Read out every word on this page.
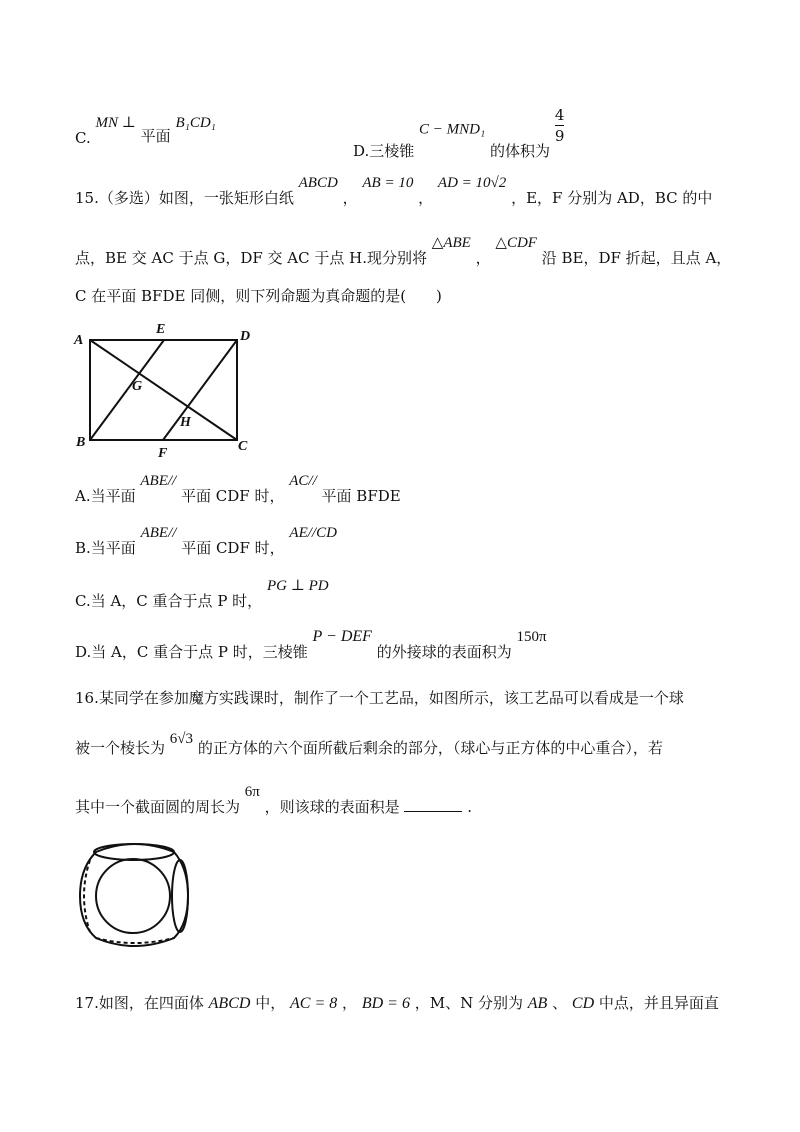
C. MN ⊥ 平面 B₁CD₁
D.三棱锥 C − MND₁ 的体积为
$\frac{4}{9}$
15.（多选）如图，一张矩形白纸 ABCD ， AB = 10 ， AD = 10√2 ，E，F 分别为 AD，BC 的中
点，BE 交 AC 于点 G，DF 交 AC 于点 H.现分别将 △ABE ， △CDF 沿 BE，DF 折起，且点 A，
C 在平面 BFDE 同侧，则下列命题为真命题的是(　　)
A
E	D
G
H
B
F	C
A.当平面 ABE// 平面 CDF 时， AC// 平面 BFDE
B.当平面 ABE// 平面 CDF 时， AE//CD
C.当 A，C 重合于点 P 时， PG ⊥ PD
D.当 A，C 重合于点 P 时，三棱锥 P − DEF 的外接球的表面积为 150π
16.某同学在参加魔方实践课时，制作了一个工艺品，如图所示，该工艺品可以看成是一个球
被一个棱长为 6√3 的正方体的六个面所截后剩余的部分，（球心与正方体的中心重合），若
其中一个截面圆的周长为 6π ，则该球的表面积是	.
17.如图，在四面体 ABCD 中， AC = 8 ， BD = 6 ，M、N 分别为 AB 、 CD 中点，并且异面直
